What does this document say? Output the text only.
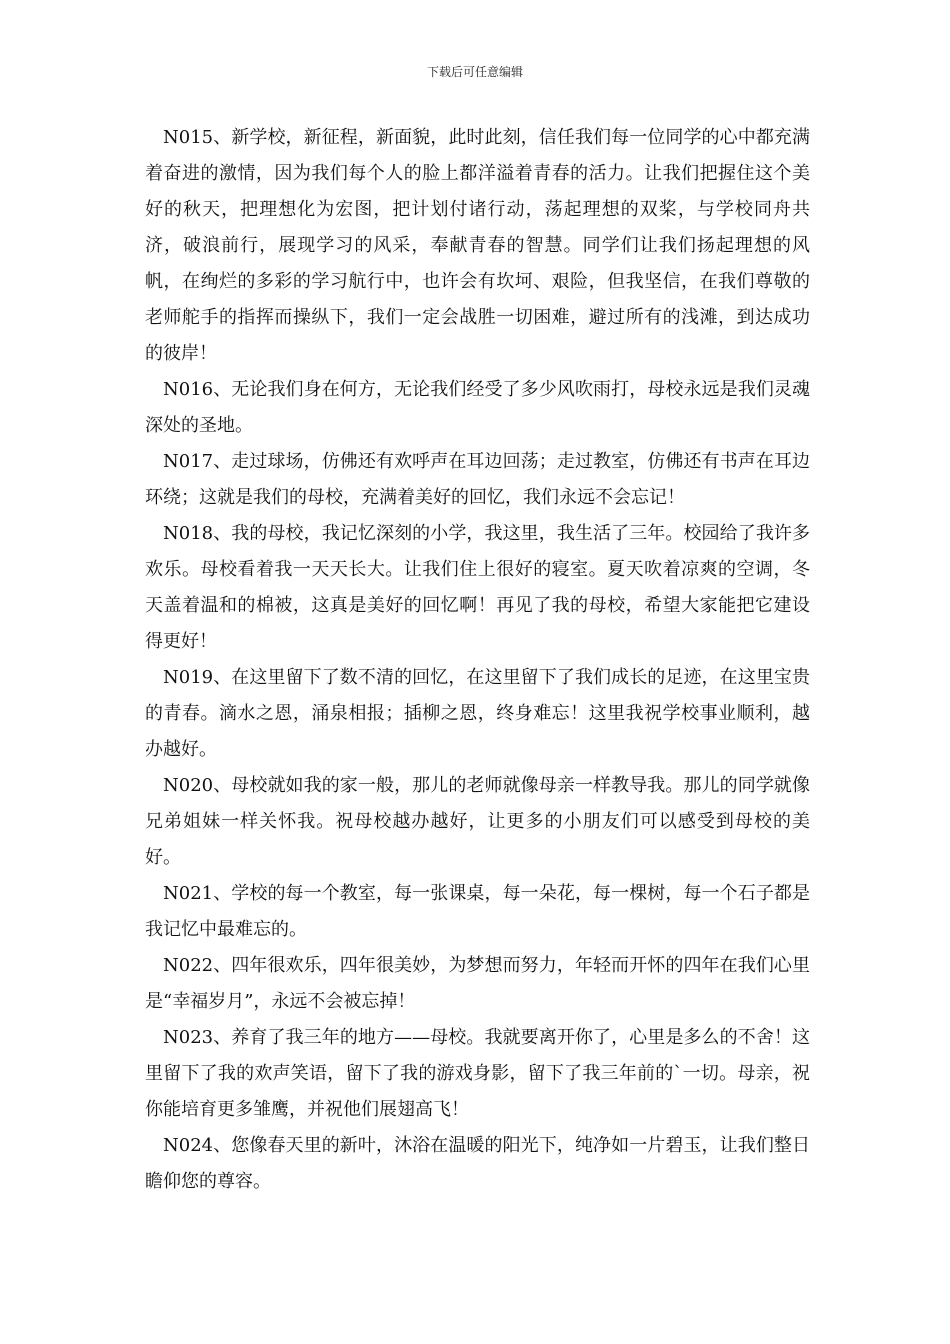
下载后可任意编辑

N015、新学校，新征程，新面貌，此时此刻，信任我们每一位同学的心中都充满着奋进的激情，因为我们每个人的脸上都洋溢着青春的活力。让我们把握住这个美好的秋天，把理想化为宏图，把计划付诸行动，荡起理想的双桨，与学校同舟共济，破浪前行，展现学习的风采，奉献青春的智慧。同学们让我们扬起理想的风帆，在绚烂的多彩的学习航行中，也许会有坎坷、艰险，但我坚信，在我们尊敬的老师舵手的指挥而操纵下，我们一定会战胜一切困难，避过所有的浅滩，到达成功的彼岸！

N016、无论我们身在何方，无论我们经受了多少风吹雨打，母校永远是我们灵魂深处的圣地。

N017、走过球场，仿佛还有欢呼声在耳边回荡；走过教室，仿佛还有书声在耳边环绕；这就是我们的母校，充满着美好的回忆，我们永远不会忘记！

N018、我的母校，我记忆深刻的小学，我这里，我生活了三年。校园给了我许多欢乐。母校看着我一天天长大。让我们住上很好的寝室。夏天吹着凉爽的空调，冬天盖着温和的棉被，这真是美好的回忆啊！再见了我的母校，希望大家能把它建设得更好！

N019、在这里留下了数不清的回忆，在这里留下了我们成长的足迹，在这里宝贵的青春。滴水之恩，涌泉相报；插柳之恩，终身难忘！这里我祝学校事业顺利，越办越好。

N020、母校就如我的家一般，那儿的老师就像母亲一样教导我。那儿的同学就像兄弟姐妹一样关怀我。祝母校越办越好，让更多的小朋友们可以感受到母校的美好。

N021、学校的每一个教室，每一张课桌，每一朵花，每一棵树，每一个石子都是我记忆中最难忘的。

N022、四年很欢乐，四年很美妙，为梦想而努力，年轻而开怀的四年在我们心里是“幸福岁月”，永远不会被忘掉！

N023、养育了我三年的地方——母校。我就要离开你了，心里是多么的不舍！这里留下了我的欢声笑语，留下了我的游戏身影，留下了我三年前的`一切。母亲，祝你能培育更多雏鹰，并祝他们展翅高飞！

N024、您像春天里的新叶，沐浴在温暖的阳光下，纯净如一片碧玉，让我们整日瞻仰您的尊容。
